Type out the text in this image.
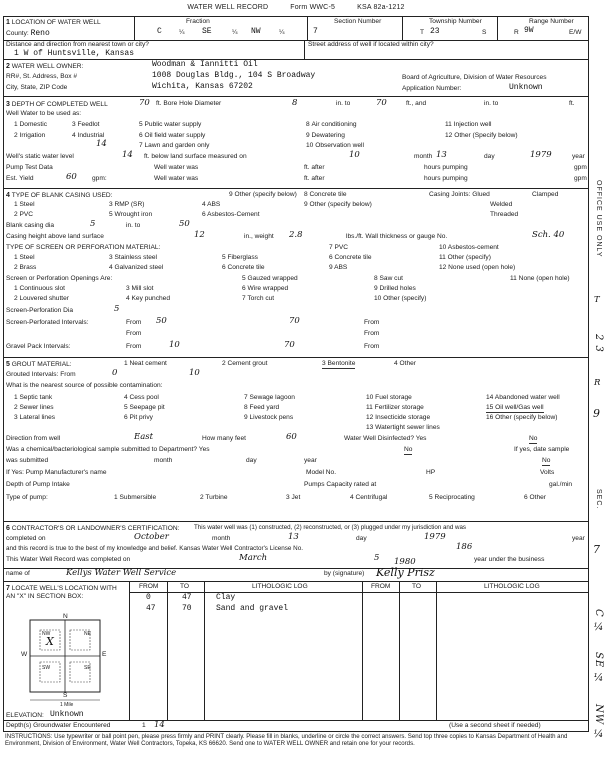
WATER WELL RECORD	Form WWC-5	KSA 82a-1212
1 LOCATION OF WATER WELL
County: Reno
Fraction
C	¼ SE	¼ NW	¼
Section Number
7
Township Number
T 23	S
Range Number
R 9W	E/W
Distance and direction from nearest town or city?
1 W of Huntsville, Kansas
Street address of well if located within city?
2 WATER WELL OWNER:	Woodman & Iannitti Oil
RR#, St. Address, Box #	1008 Douglas Bldg., 104 S Broadway
City, State, ZIP Code	Wichita, Kansas 67202
Board of Agriculture, Division of Water Resources
Application Number:	Unknown
3 DEPTH OF COMPLETED WELL	70 ft. Bore Hole Diameter	8	in. to	70	ft., and	in. to	ft.
Well Water to be used as:
1 Domestic	3 Feedlot	5 Public water supply	8 Air conditioning	11 Injection well
2 Irrigation	4 Industrial	6 Oil field water supply	9 Dewatering	12 Other (Specify below)
7 Lawn and garden only	10 Observation well
14
Well's static water level	14 ft. below land surface measured on	10	month 13	day	1979	year
Pump Test Data	Well water was	ft. after	hours pumping	gpm
Est. Yield	60 gpm:	Well water was	ft. after	hours pumping	gpm
4 TYPE OF BLANK CASING USED:	9 Other (specify below) 8 Concrete tile	Casing Joints: Glued	Clamped
1 Steel	3 RMP (SR)	4 ABS	9 Other (specify below)	Welded
2 PVC	5 Wrought iron	6 Asbestos-Cement	Threaded
Blank casing dia	5	in. to	50
Casing height above land surface	12	in., weight 2.8	lbs./ft. Wall thickness or gauge No.	Sch. 40
TYPE OF SCREEN OR PERFORATION MATERIAL:	7 PVC	10 Asbestos-cement
1 Steel	3 Stainless steel	5 Fiberglass	6 Concrete tile	11 Other (specify)
2 Brass	4 Galvanized steel	6 Concrete tile	9 ABS	12 None used (open hole)
Screen or Perforation Openings Are:
1 Continuous slot	3 Mill slot
5 Gauzed wrapped	8 Saw cut	11 None (open hole)
6 Wire wrapped	9 Drilled holes
2 Louvered shutter	4 Key punched	7 Torch cut	10 Other (specify)
Screen-Perforation Dia	5
Screen-Perforated Intervals:	From 50	70
From
Gravel Pack Intervals:	From	10	70
From
From
From
5 GROUT MATERIAL:	1 Neat cement	2 Cement grout	3 Bentonite	4 Other
Grouted Intervals: From	0	10
What is the nearest source of possible contamination:
1 Septic tank	4 Cess pool	7 Sewage lagoon	10 Fuel storage	14 Abandoned water well
2 Sewer lines	5 Seepage pit	8 Feed yard	11 Fertilizer storage	15 Oil well/Gas well
3 Lateral lines	6 Pit privy	9 Livestock pens	12 Insecticide storage	16 Other (specify below)
13 Watertight sewer lines
Direction from well	East	How many feet	60	Water Well Disinfected? Yes	No
Was a chemical/bacteriological sample submitted to Department? Yes	No	If yes, date sample
was submitted	month	day	year	No
If Yes: Pump Manufacturer's name	Model No.	HP	Volts
Depth of Pump Intake	Pumps Capacity rated at	gal./min
Type of pump:	1 Submersible	2 Turbine	3 Jet	4 Centrifugal	5 Reciprocating	6 Other
6 CONTRACTOR'S OR LANDOWNER'S CERTIFICATION: This water well was (1) constructed, (2) reconstructed, or (3) plugged under my jurisdiction and was
completed on	October	month	13	day	1979	year
and this record is true to the best of my knowledge and belief. Kansas Water Well Contractor's License No.	186
This Water Well Record was completed on	March	5 1980	year under the business
name of	Kellys Water Well Service	by (signature) Kelly Prisz
7 LOCATE WELL'S LOCATION WITH AN "X" IN SECTION BOX:
X
N
S
E
W
NW	NE
SW	SE
1 Mile
ELEVATION: Unknown
FROM	TO	LITHOLOGIC LOG	FROM	TO	LITHOLOGIC LOG
0	47	Clay
47	70	Sand and gravel
Depth(s) Groundwater Encountered	1 14	(Use a second sheet if needed)
INSTRUCTIONS: Use typewriter or ball point pen, please press firmly and PRINT clearly. Please fill in blanks, underline or circle the correct answers. Send top three copies to Kansas Department of Health and Environment, Division of Environment, Water Well Contractors, Topeka, KS 66620. Send one to WATER WELL OWNER and retain one for your records.
OFFICE USE ONLY
T
2 3
R
9
SEC.
7
C ¼
SE ¼
NW ¼
